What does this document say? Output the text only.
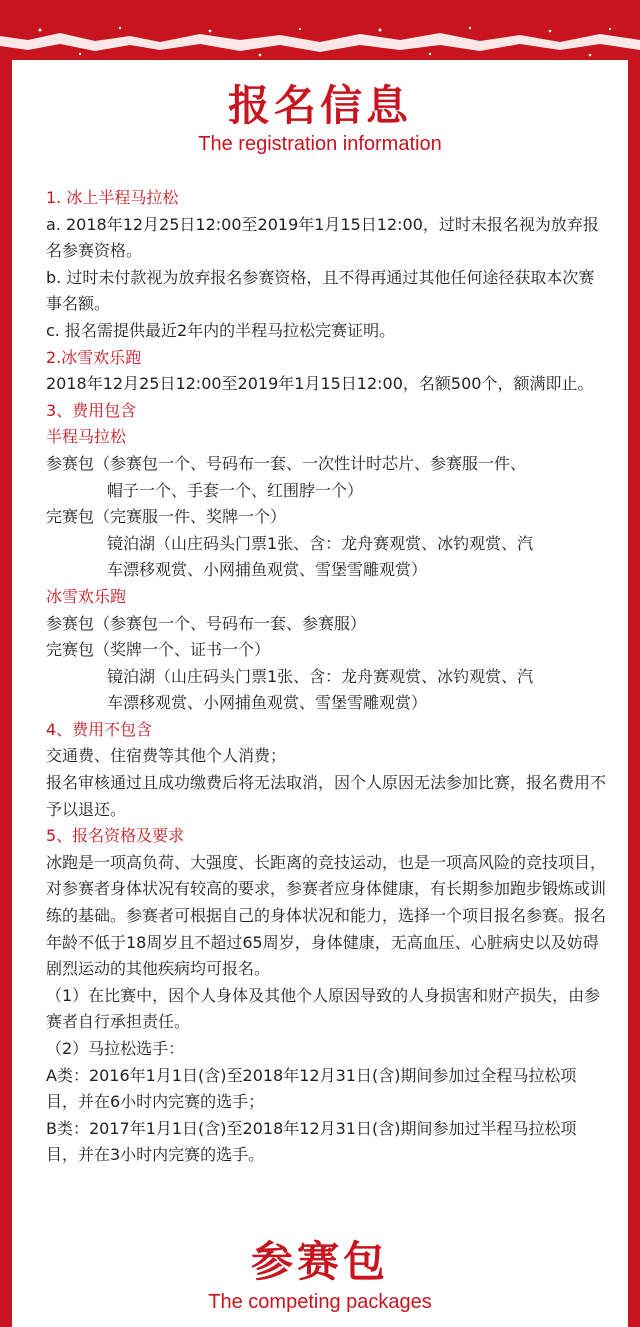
报名信息
The registration information

1. 冰上半程马拉松

a. 2018年12月25日12:00至2019年1月15日12:00，过时未报名视为放弃报名参赛资格。

b. 过时未付款视为放弃报名参赛资格，且不得再通过其他任何途径获取本次赛事名额。

c. 报名需提供最近2年内的半程马拉松完赛证明。

2.冰雪欢乐跑

2018年12月25日12:00至2019年1月15日12:00，名额500个，额满即止。

3、费用包含

半程马拉松

参赛包（参赛包一个、号码布一套、一次性计时芯片、参赛服一件、

帽子一个、手套一个、红围脖一个）

完赛包（完赛服一件、奖牌一个）

镜泊湖（山庄码头门票1张、含：龙舟赛观赏、冰钓观赏、汽

车漂移观赏、小网捕鱼观赏、雪堡雪雕观赏）

冰雪欢乐跑

参赛包（参赛包一个、号码布一套、参赛服）

完赛包（奖牌一个、证书一个）

镜泊湖（山庄码头门票1张、含：龙舟赛观赏、冰钓观赏、汽

车漂移观赏、小网捕鱼观赏、雪堡雪雕观赏）

4、费用不包含

交通费、住宿费等其他个人消费；

报名审核通过且成功缴费后将无法取消，因个人原因无法参加比赛，报名费用不予以退还。

5、报名资格及要求

冰跑是一项高负荷、大强度、长距离的竞技运动，也是一项高风险的竞技项目，对参赛者身体状况有较高的要求，参赛者应身体健康，有长期参加跑步锻炼或训练的基础。参赛者可根据自己的身体状况和能力，选择一个项目报名参赛。报名年龄不低于18周岁且不超过65周岁，身体健康，无高血压、心脏病史以及妨碍剧烈运动的其他疾病均可报名。

（1）在比赛中，因个人身体及其他个人原因导致的人身损害和财产损失，由参赛者自行承担责任。

（2）马拉松选手：

A类：2016年1月1日(含)至2018年12月31日(含)期间参加过全程马拉松项目，并在6小时内完赛的选手；

B类：2017年1月1日(含)至2018年12月31日(含)期间参加过半程马拉松项目，并在3小时内完赛的选手。

参赛包
The competing packages
